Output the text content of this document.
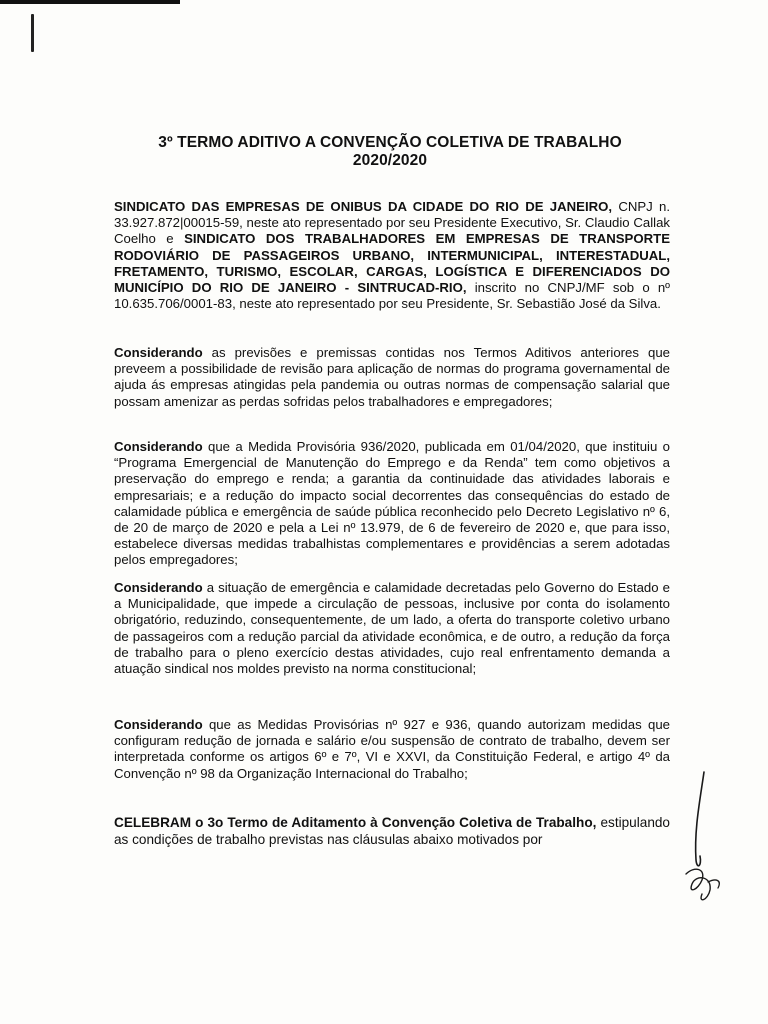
3º TERMO ADITIVO A CONVENÇÃO COLETIVA DE TRABALHO
2020/2020
SINDICATO DAS EMPRESAS DE ONIBUS DA CIDADE DO RIO DE JANEIRO, CNPJ n. 33.927.872|00015-59, neste ato representado por seu Presidente Executivo, Sr. Claudio Callak Coelho e SINDICATO DOS TRABALHADORES EM EMPRESAS DE TRANSPORTE RODOVIÁRIO DE PASSAGEIROS URBANO, INTERMUNICIPAL, INTERESTADUAL, FRETAMENTO, TURISMO, ESCOLAR, CARGAS, LOGÍSTICA E DIFERENCIADOS DO MUNICÍPIO DO RIO DE JANEIRO - SINTRUCAD-RIO, inscrito no CNPJ/MF sob o nº 10.635.706/0001-83, neste ato representado por seu Presidente, Sr. Sebastião José da Silva.
Considerando as previsões e premissas contidas nos Termos Aditivos anteriores que preveem a possibilidade de revisão para aplicação de normas do programa governamental de ajuda ás empresas atingidas pela pandemia ou outras normas de compensação salarial que possam amenizar as perdas sofridas pelos trabalhadores e empregadores;
Considerando que a Medida Provisória 936/2020, publicada em 01/04/2020, que instituiu o “Programa Emergencial de Manutenção do Emprego e da Renda” tem como objetivos a preservação do emprego e renda; a garantia da continuidade das atividades laborais e empresariais; e a redução do impacto social decorrentes das consequências do estado de calamidade pública e emergência de saúde pública reconhecido pelo Decreto Legislativo nº 6, de 20 de março de 2020 e pela a Lei nº 13.979, de 6 de fevereiro de 2020 e, que para isso, estabelece diversas medidas trabalhistas complementares e providências a serem adotadas pelos empregadores;
Considerando a situação de emergência e calamidade decretadas pelo Governo do Estado e a Municipalidade, que impede a circulação de pessoas, inclusive por conta do isolamento obrigatório, reduzindo, consequentemente, de um lado, a oferta do transporte coletivo urbano de passageiros com a redução parcial da atividade econômica, e de outro, a redução da força de trabalho para o pleno exercício destas atividades, cujo real enfrentamento demanda a atuação sindical nos moldes previsto na norma constitucional;
Considerando que as Medidas Provisórias nº 927 e 936, quando autorizam medidas que configuram redução de jornada e salário e/ou suspensão de contrato de trabalho, devem ser interpretada conforme os artigos 6º e 7º, VI e XXVI, da Constituição Federal, e artigo 4º da Convenção nº 98 da Organização Internacional do Trabalho;
CELEBRAM o 3o Termo de Aditamento à Convenção Coletiva de Trabalho, estipulando as condições de trabalho previstas nas cláusulas abaixo motivados por
